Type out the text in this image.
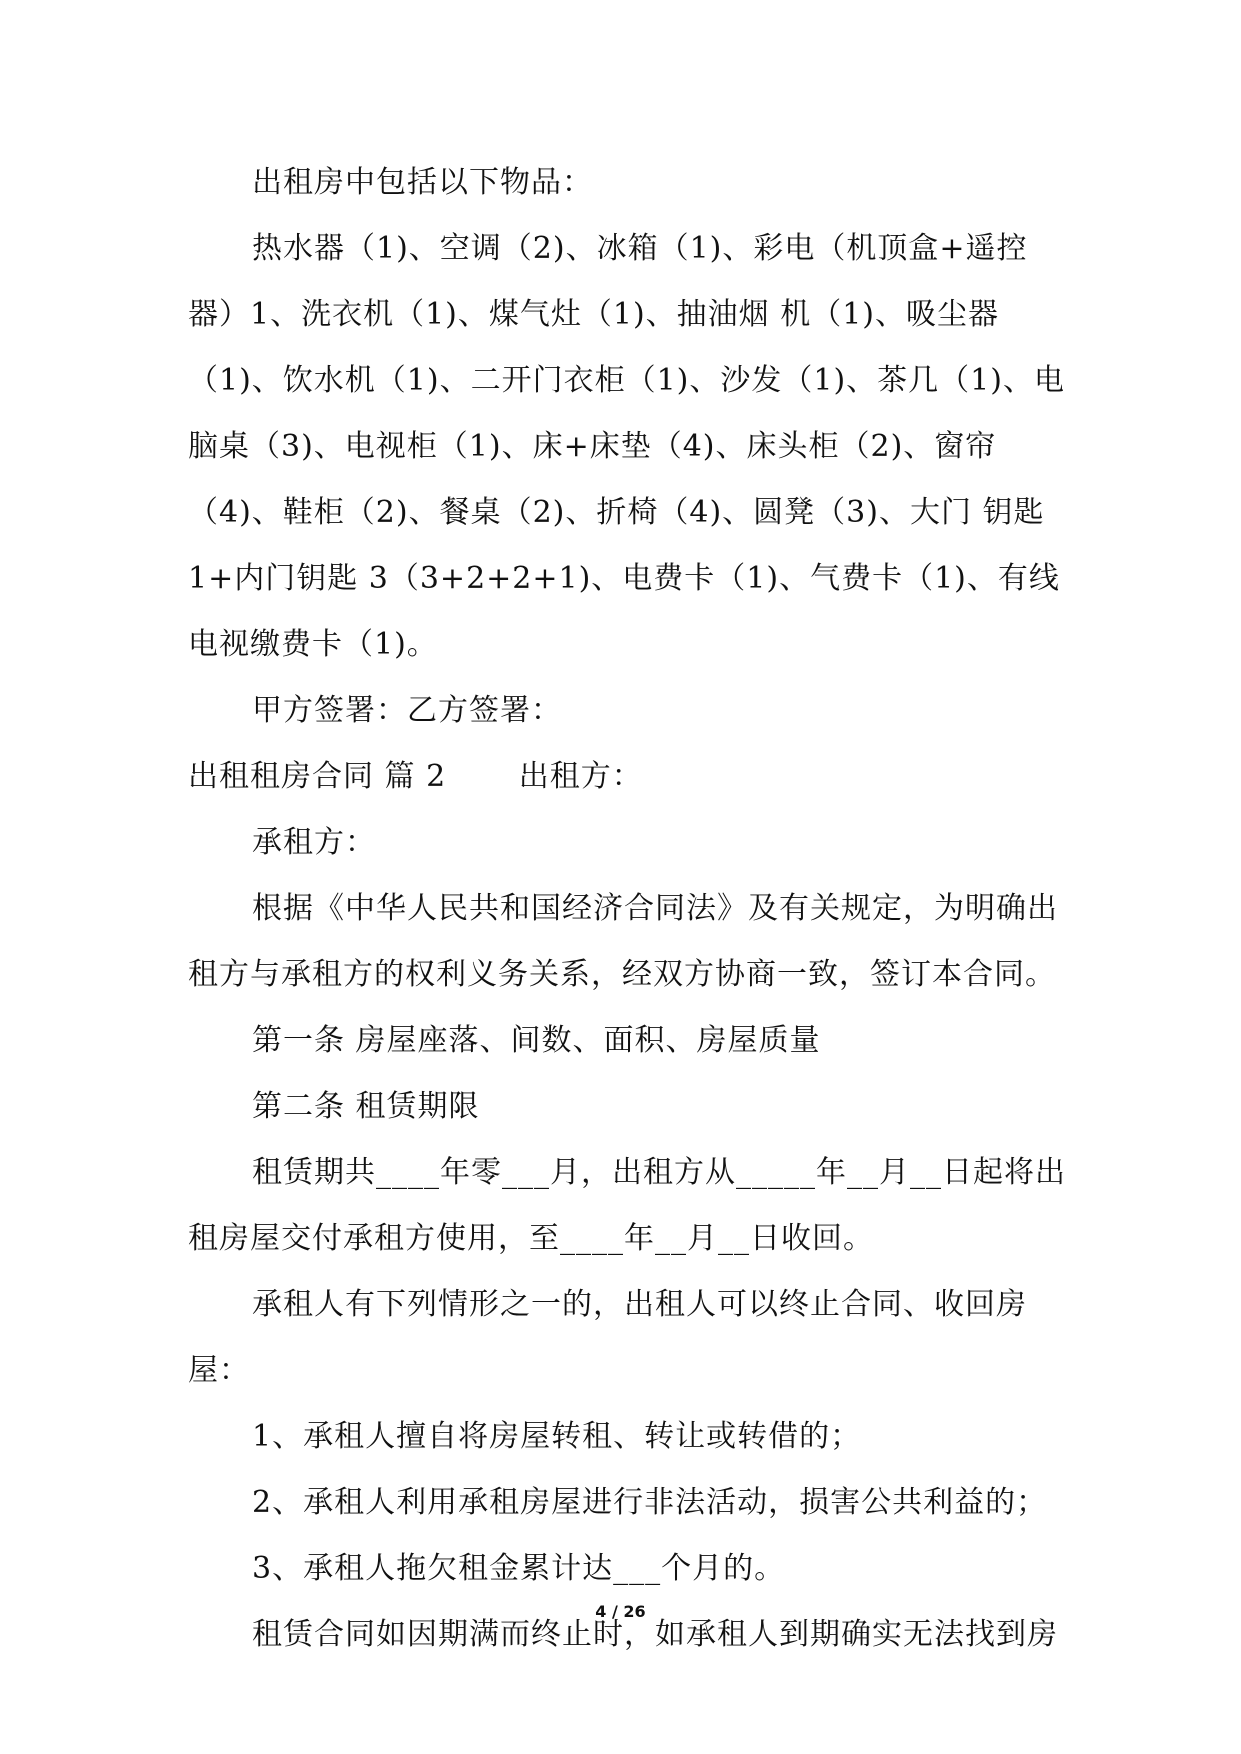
出租房中包括以下物品：

热水器（1)、空调（2)、冰箱（1)、彩电（机顶盒+遥控器）1、洗衣机（1)、煤气灶（1)、抽油烟 机（1)、吸尘器（1)、饮水机（1)、二开门衣柜（1)、沙发（1)、茶几（1)、电脑桌（3)、电视柜（1)、床+床垫（4)、床头柜（2)、窗帘（4)、鞋柜（2)、餐桌（2)、折椅（4)、圆凳（3)、大门 钥匙 1+内门钥匙 3（3+2+2+1)、电费卡（1)、气费卡（1)、有线电视缴费卡（1)。

甲方签署：乙方签署：

出租租房合同 篇 2　　 出租方：

承租方：

根据《中华人民共和国经济合同法》及有关规定，为明确出租方与承租方的权利义务关系，经双方协商一致，签订本合同。

第一条 房屋座落、间数、面积、房屋质量

第二条 租赁期限

租赁期共____年零___月，出租方从_____年__月__日起将出租房屋交付承租方使用，至____年__月__日收回。

承租人有下列情形之一的，出租人可以终止合同、收回房屋：

1、承租人擅自将房屋转租、转让或转借的；

2、承租人利用承租房屋进行非法活动，损害公共利益的；

3、承租人拖欠租金累计达___个月的。

租赁合同如因期满而终止时，如承租人到期确实无法找到房

4 / 26
